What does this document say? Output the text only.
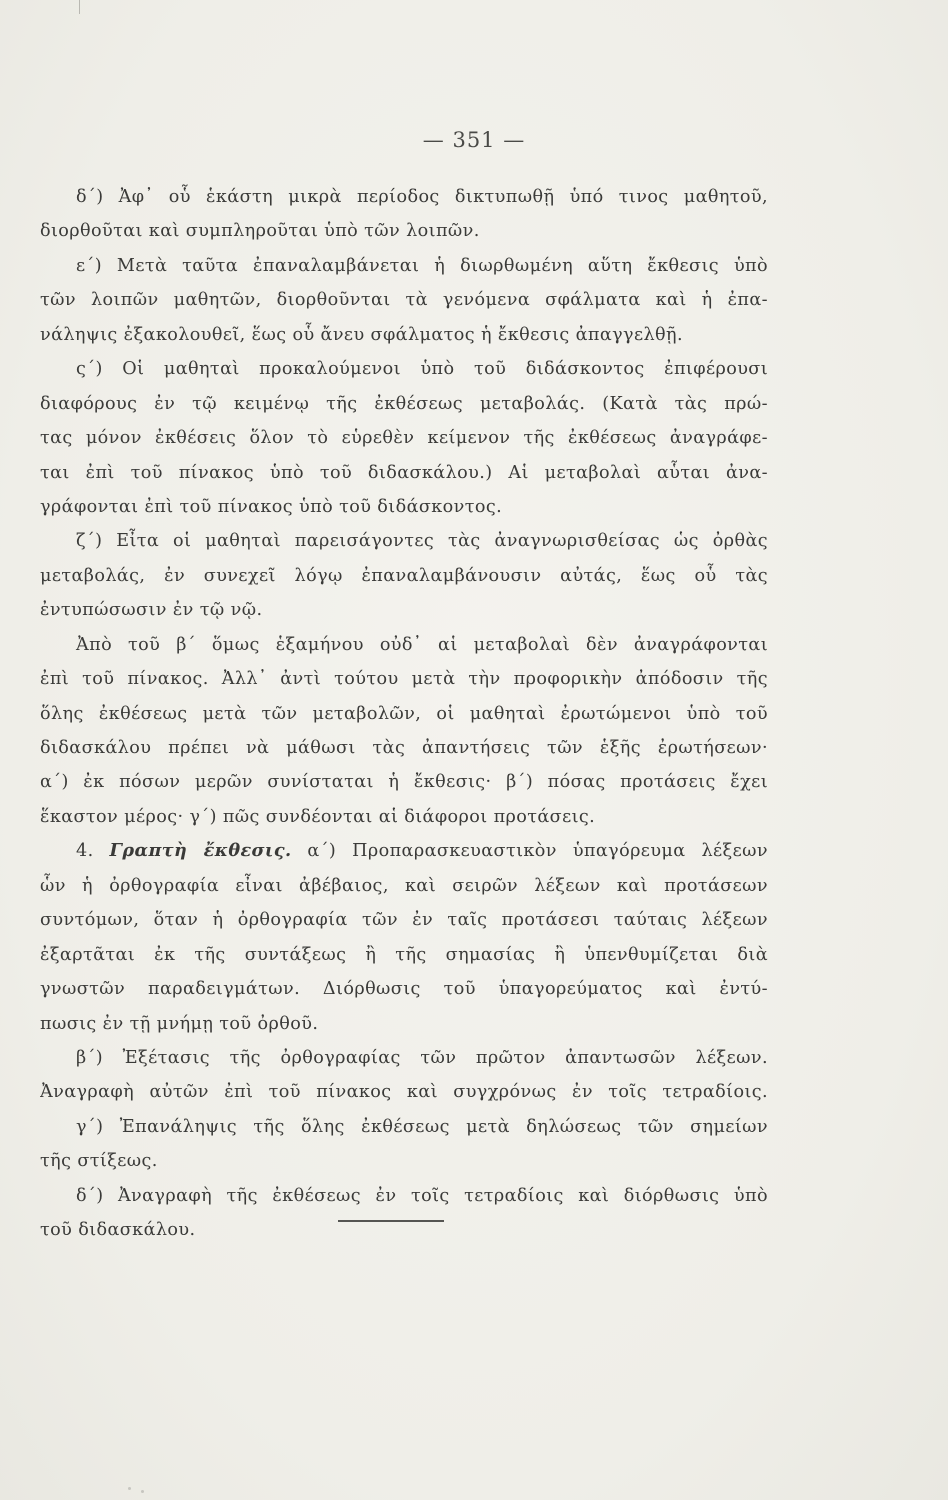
— 351 —
δ΄) Ἀφ᾽ οὗ ἑκάστη μικρὰ περίοδος δικτυπωθῇ ὑπό τινος μαθητοῦ,
διορθοῦται καὶ συμπληροῦται ὑπὸ τῶν λοιπῶν.
ε΄) Μετὰ ταῦτα ἐπαναλαμβάνεται ἡ διωρθωμένη αὕτη ἔκθεσις ὑπὸ
τῶν λοιπῶν μαθητῶν, διορθοῦνται τὰ γενόμενα σφάλματα καὶ ἡ ἐπα-
νάληψις ἐξακολουθεῖ, ἕως οὗ ἄνευ σφάλματος ἡ ἔκθεσις ἀπαγγελθῇ.
ς΄) Οἱ μαθηταὶ προκαλούμενοι ὑπὸ τοῦ διδάσκοντος ἐπιφέρουσι
διαφόρους ἐν τῷ κειμένῳ τῆς ἐκθέσεως μεταβολάς. (Κατὰ τὰς πρώ-
τας μόνον ἐκθέσεις ὅλον τὸ εὑρεθὲν κείμενον τῆς ἐκθέσεως ἀναγράφε-
ται ἐπὶ τοῦ πίνακος ὑπὸ τοῦ διδασκάλου.) Αἱ μεταβολαὶ αὗται ἀνα-
γράφονται ἐπὶ τοῦ πίνακος ὑπὸ τοῦ διδάσκοντος.
ζ΄) Εἶτα οἱ μαθηταὶ παρεισάγοντες τὰς ἀναγνωρισθείσας ὡς ὀρθὰς
μεταβολάς, ἐν συνεχεῖ λόγῳ ἐπαναλαμβάνουσιν αὐτάς, ἕως οὗ τὰς
ἐντυπώσωσιν ἐν τῷ νῷ.
Ἀπὸ τοῦ β΄ ὅμως ἑξαμήνου οὐδ᾽ αἱ μεταβολαὶ δὲν ἀναγράφονται
ἐπὶ τοῦ πίνακος. Ἀλλ᾽ ἀντὶ τούτου μετὰ τὴν προφορικὴν ἀπόδοσιν τῆς
ὅλης ἐκθέσεως μετὰ τῶν μεταβολῶν, οἱ μαθηταὶ ἐρωτώμενοι ὑπὸ τοῦ
διδασκάλου πρέπει νὰ μάθωσι τὰς ἀπαντήσεις τῶν ἑξῆς ἐρωτήσεων·
α΄) ἐκ πόσων μερῶν συνίσταται ἡ ἔκθεσις· β΄) πόσας προτάσεις ἔχει
ἕκαστον μέρος· γ΄) πῶς συνδέονται αἱ διάφοροι προτάσεις.
4. Γραπτὴ ἔκθεσις. α΄) Προπαρασκευαστικὸν ὑπαγόρευμα λέξεων
ὧν ἡ ὀρθογραφία εἶναι ἀβέβαιος, καὶ σειρῶν λέξεων καὶ προτάσεων
συντόμων, ὅταν ἡ ὀρθογραφία τῶν ἐν ταῖς προτάσεσι ταύταις λέξεων
ἐξαρτᾶται ἐκ τῆς συντάξεως ἢ τῆς σημασίας ἢ ὑπενθυμίζεται διὰ
γνωστῶν παραδειγμάτων. Διόρθωσις τοῦ ὑπαγορεύματος καὶ ἐντύ-
πωσις ἐν τῇ μνήμῃ τοῦ ὀρθοῦ.
β΄) Ἐξέτασις τῆς ὀρθογραφίας τῶν πρῶτον ἀπαντωσῶν λέξεων.
Ἀναγραφὴ αὐτῶν ἐπὶ τοῦ πίνακος καὶ συγχρόνως ἐν τοῖς τετραδίοις.
γ΄) Ἐπανάληψις τῆς ὅλης ἐκθέσεως μετὰ δηλώσεως τῶν σημείων
τῆς στίξεως.
δ΄) Ἀναγραφὴ τῆς ἐκθέσεως ἐν τοῖς τετραδίοις καὶ διόρθωσις ὑπὸ
τοῦ διδασκάλου.
